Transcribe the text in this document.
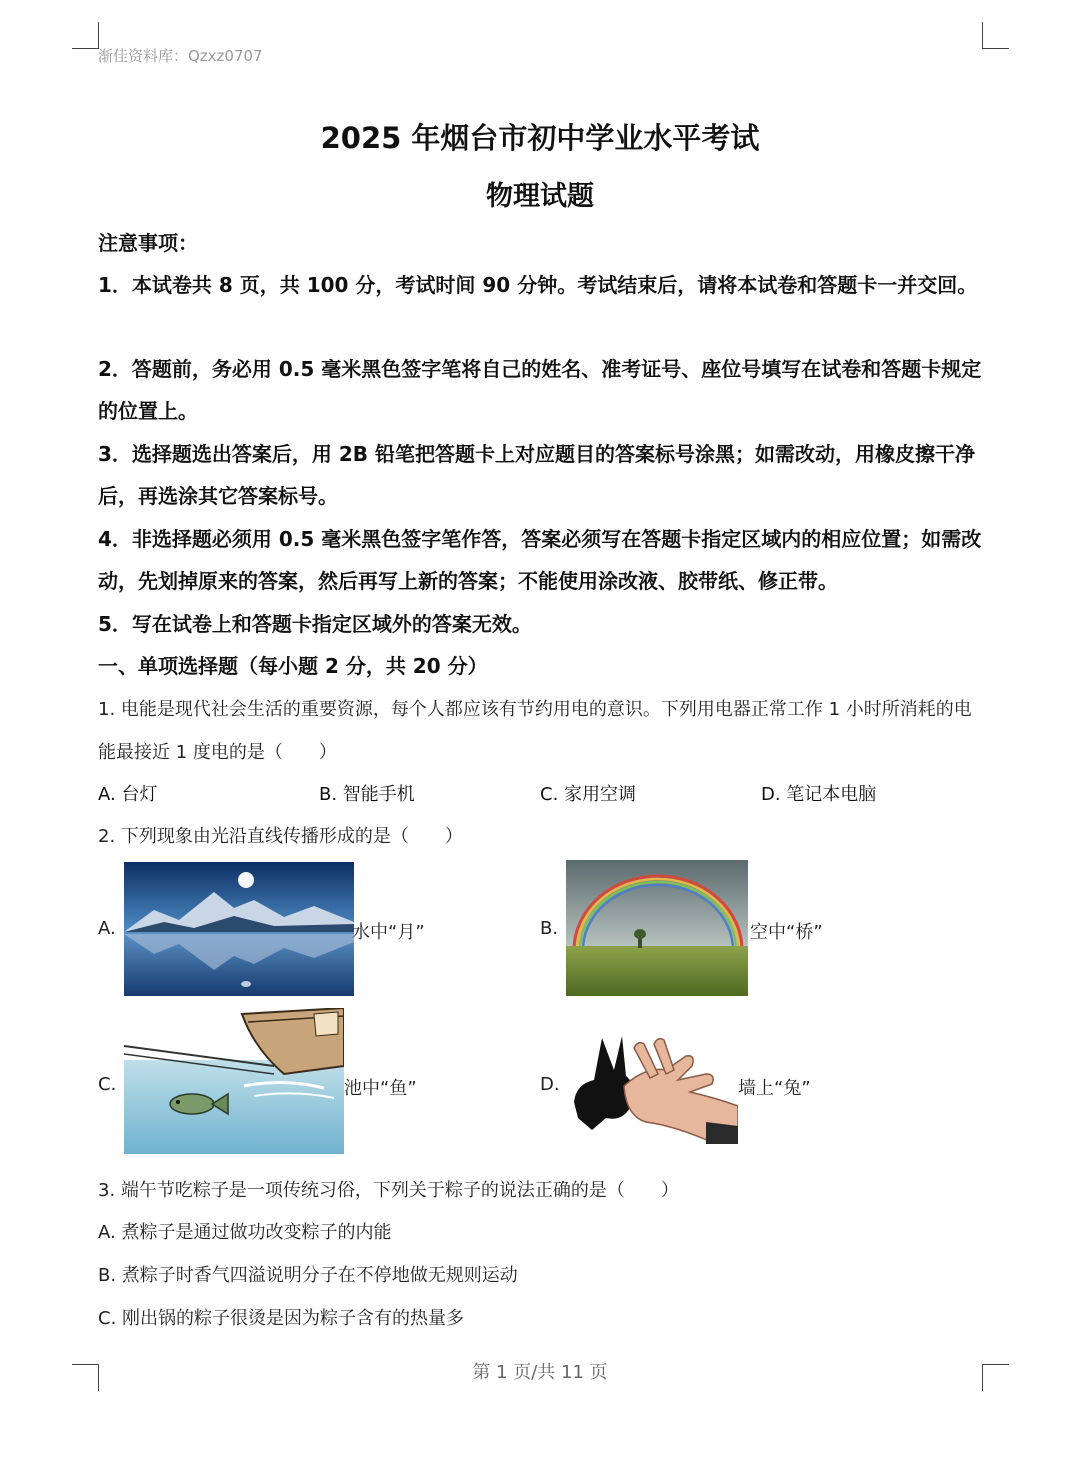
渐佳资料库：Qzxz0707
2025 年烟台市初中学业水平考试
物理试题
注意事项：
1．本试卷共 8 页，共 100 分，考试时间 90 分钟。考试结束后，请将本试卷和答题卡一并交回。
2．答题前，务必用 0.5 毫米黑色签字笔将自己的姓名、准考证号、座位号填写在试卷和答题卡规定的位置上。
3．选择题选出答案后，用 2B 铅笔把答题卡上对应题目的答案标号涂黑；如需改动，用橡皮擦干净后，再选涂其它答案标号。
4．非选择题必须用 0.5 毫米黑色签字笔作答，答案必须写在答题卡指定区域内的相应位置；如需改动，先划掉原来的答案，然后再写上新的答案；不能使用涂改液、胶带纸、修正带。
5．写在试卷上和答题卡指定区域外的答案无效。
一、单项选择题（每小题 2 分，共 20 分）
1. 电能是现代社会生活的重要资源，每个人都应该有节约用电的意识。下列用电器正常工作 1 小时所消耗的电能最接近 1 度电的是（　　）
A. 台灯	B. 智能手机	C. 家用空调	D. 笔记本电脑
2. 下列现象由光沿直线传播形成的是（　　）
A.	水中“月”	B.	空中“桥”
C.	池中“鱼”	D.	墙上“兔”
3. 端午节吃粽子是一项传统习俗，下列关于粽子的说法正确的是（　　）
A. 煮粽子是通过做功改变粽子的内能
B. 煮粽子时香气四溢说明分子在不停地做无规则运动
C. 刚出锅的粽子很烫是因为粽子含有的热量多
第 1 页/共 11 页
